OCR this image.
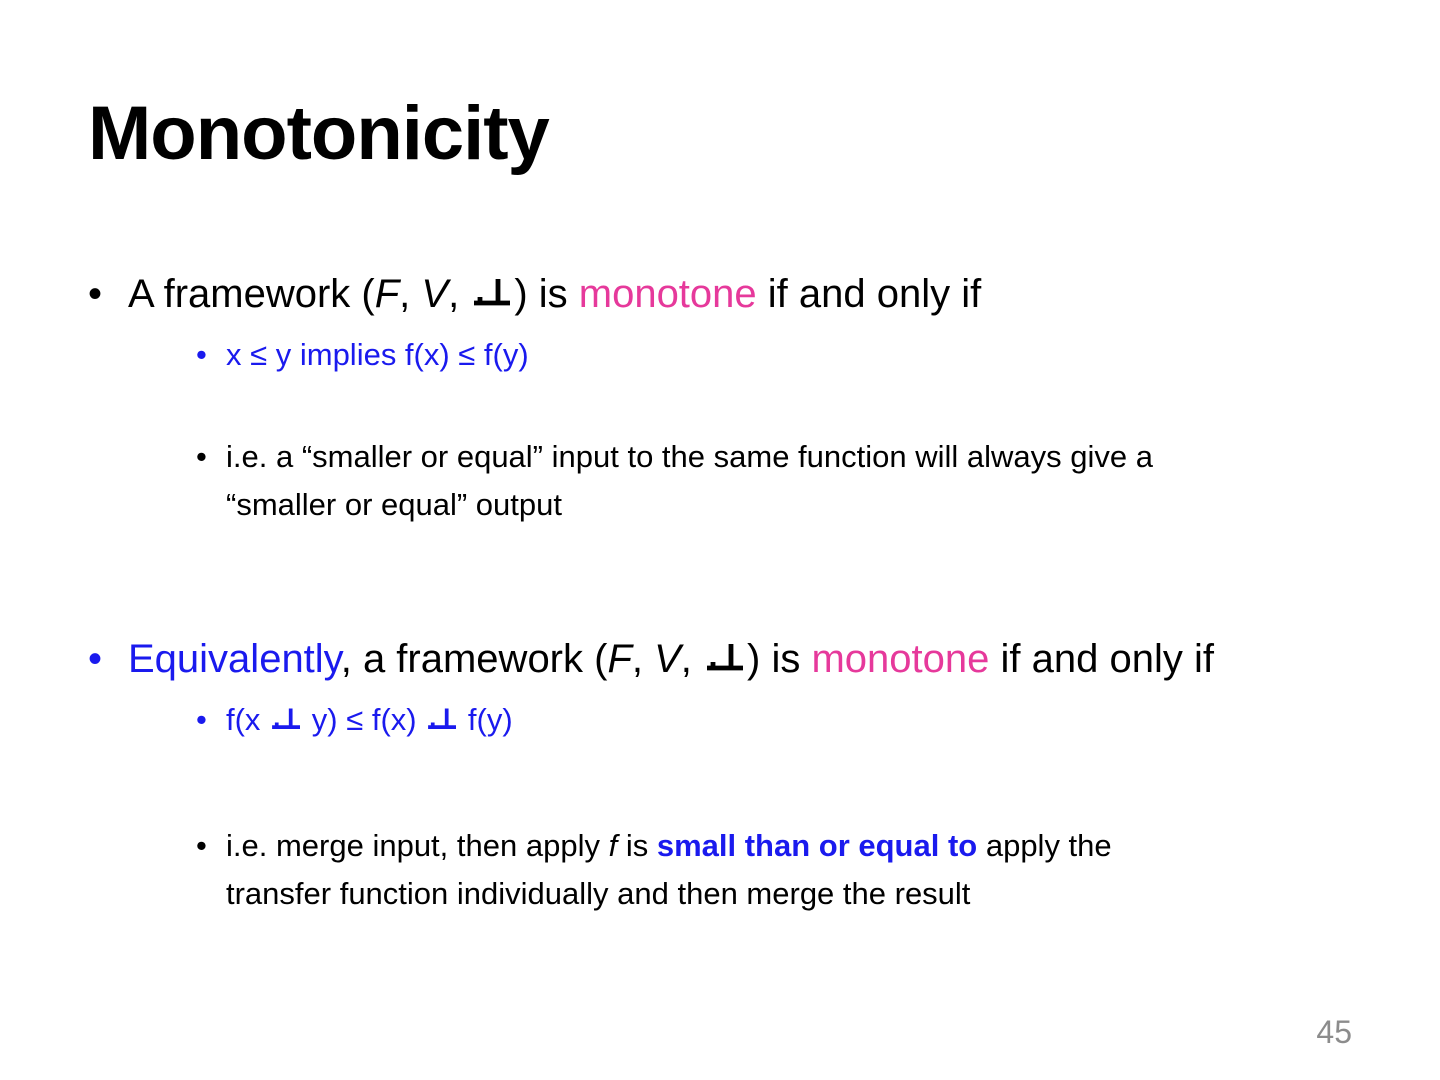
Monotonicity
• A framework (F, V,
) is monotone if and only if
• x ≤ y implies f(x) ≤ f(y)
• i.e. a “smaller or equal” input to the same function will always give a
“smaller or equal” output
• Equivalently, a framework (F, V,
) is monotone if and only if
• f(x
y) ≤ f(x)
f(y)
• i.e. merge input, then apply f is small than or equal to apply the
transfer function individually and then merge the result
45
